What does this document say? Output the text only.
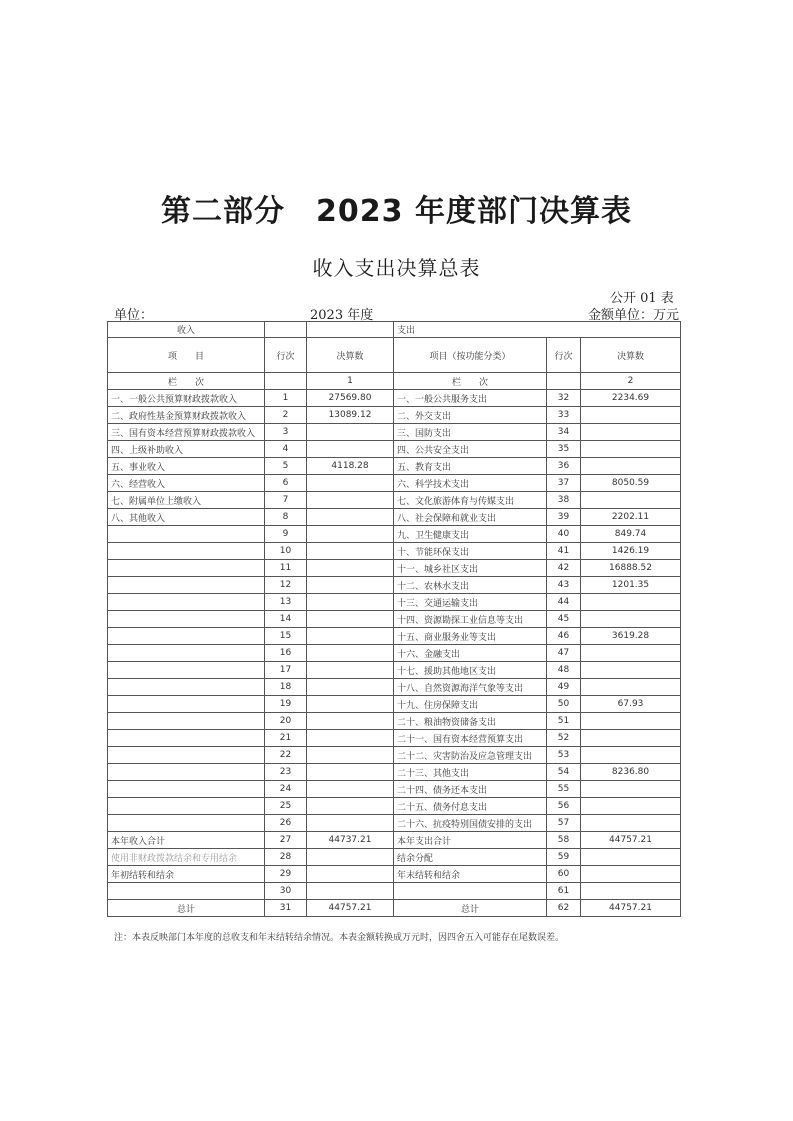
第二部分　2023 年度部门决算表
收入支出决算总表
公开 01 表
单位：	2023 年度	金额单位：万元
收入			支出		
项　　目	行次	决算数	项目（按功能分类）	行次	决算数
栏　　次		1	栏　　次		2
一、一般公共预算财政拨款收入	1	27569.80	一、一般公共服务支出	32	2234.69
二、政府性基金预算财政拨款收入	2	13089.12	二、外交支出	33	
三、国有资本经营预算财政拨款收入	3		三、国防支出	34	
四、上级补助收入	4		四、公共安全支出	35	
五、事业收入	5	4118.28	五、教育支出	36	
六、经营收入	6		六、科学技术支出	37	8050.59
七、附属单位上缴收入	7		七、文化旅游体育与传媒支出	38	
八、其他收入	8		八、社会保障和就业支出	39	2202.11
	9		九、卫生健康支出	40	849.74
	10		十、节能环保支出	41	1426.19
	11		十一、城乡社区支出	42	16888.52
	12		十二、农林水支出	43	1201.35
	13		十三、交通运输支出	44	
	14		十四、资源勘探工业信息等支出	45	
	15		十五、商业服务业等支出	46	3619.28
	16		十六、金融支出	47	
	17		十七、援助其他地区支出	48	
	18		十八、自然资源海洋气象等支出	49	
	19		十九、住房保障支出	50	67.93
	20		二十、粮油物资储备支出	51	
	21		二十一、国有资本经营预算支出	52	
	22		二十二、灾害防治及应急管理支出	53	
	23		二十三、其他支出	54	8236.80
	24		二十四、债务还本支出	55	
	25		二十五、债务付息支出	56	
	26		二十六、抗疫特别国债安排的支出	57	
本年收入合计	27	44737.21	本年支出合计	58	44757.21
使用非财政拨款结余和专用结余	28		结余分配	59	
年初结转和结余	29		年末结转和结余	60	
	30			61	
总计	31	44757.21	总计	62	44757.21
注：本表反映部门本年度的总收支和年末结转结余情况。本表金额转换成万元时，因四舍五入可能存在尾数误差。
